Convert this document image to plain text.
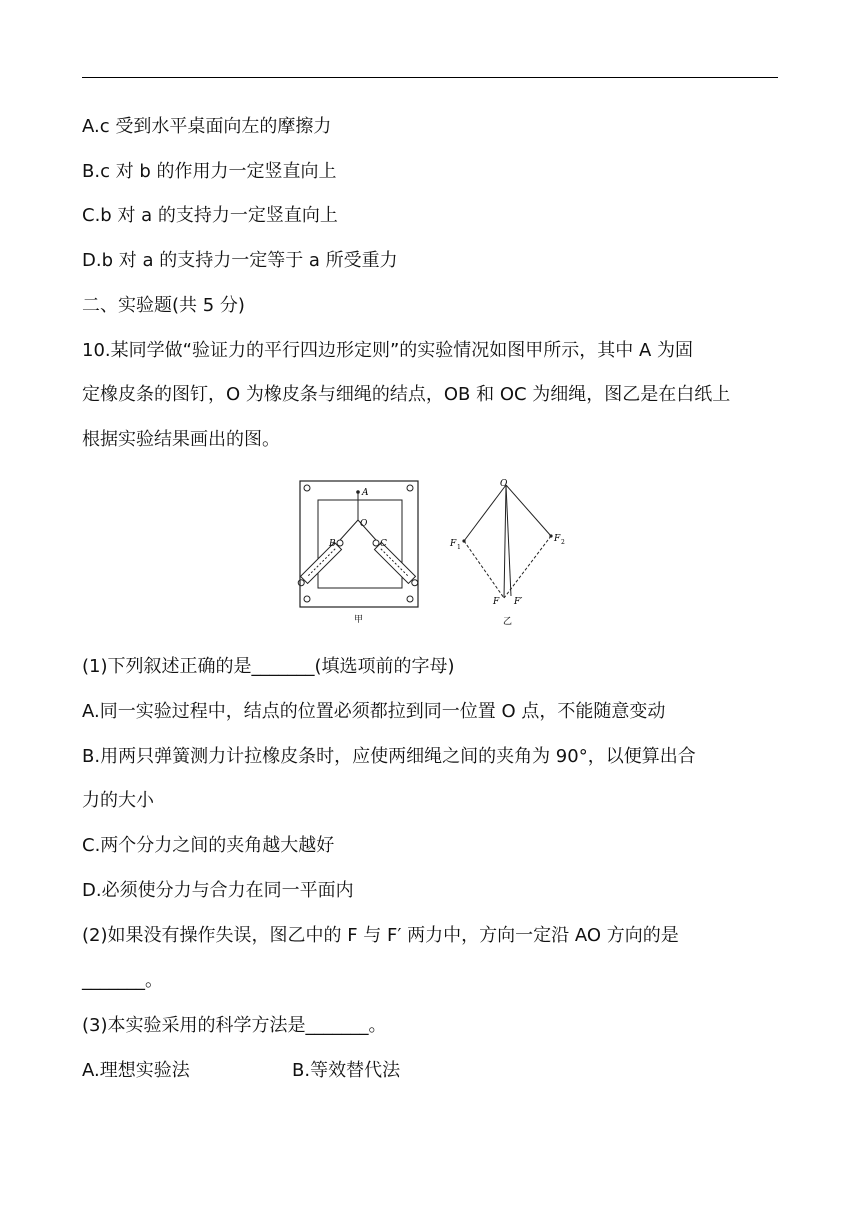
A.c 受到水平桌面向左的摩擦力
B.c 对 b 的作用力一定竖直向上
C.b 对 a 的支持力一定竖直向上
D.b 对 a 的支持力一定等于 a 所受重力
二、实验题(共 5 分)
10.某同学做“验证力的平行四边形定则”的实验情况如图甲所示，其中 A 为固
定橡皮条的图钉，O 为橡皮条与细绳的结点，OB 和 OC 为细绳，图乙是在白纸上
根据实验结果画出的图。
A
O
B	C
甲
O
F 1
F 2
F F′
乙
(1)下列叙述正确的是_______(填选项前的字母)
A.同一实验过程中，结点的位置必须都拉到同一位置 O 点，不能随意变动
B.用两只弹簧测力计拉橡皮条时，应使两细绳之间的夹角为 90°，以便算出合
力的大小
C.两个分力之间的夹角越大越好
D.必须使分力与合力在同一平面内
(2)如果没有操作失误，图乙中的 F 与 F′ 两力中，方向一定沿 AO 方向的是
_______。
(3)本实验采用的科学方法是_______。
A.理想实验法	B.等效替代法
